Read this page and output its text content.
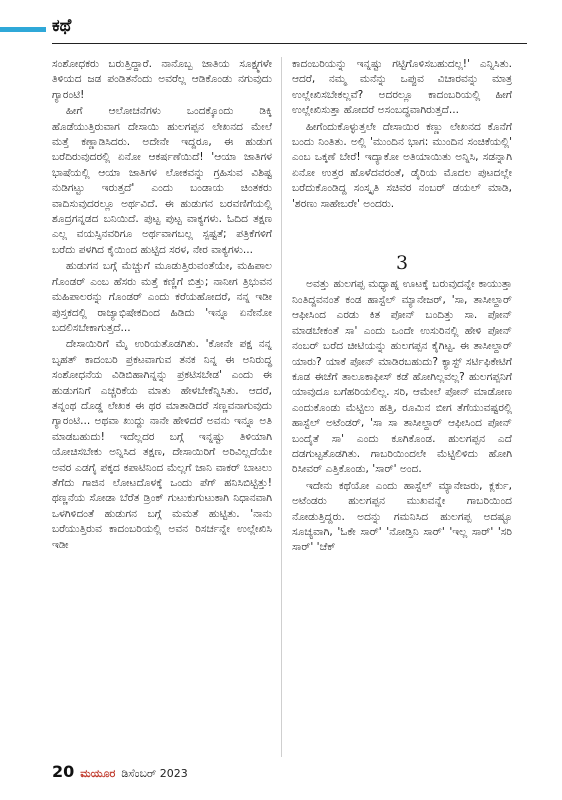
ಕಥೆ

ಸಂಶೋಧಕರು ಬರುತ್ತಿದ್ದಾರೆ. ನಾನೊಬ್ಬ ಜಾತಿಯ ಸೂಕ್ಷ್ಮಗಳೇ ತಿಳಿಯದ ಜಡ ಪಂಡಿತನೆಂದು ಅವರೆಲ್ಲ ಆಡಿಕೊಂಡು ನಗುವುದು ಗ್ಯಾರಂಟಿ!

ಹೀಗೆ ಆಲೋಚನೆಗಳು ಒಂದಕ್ಕೊಂದು ಡಿಕ್ಕಿ ಹೊಡೆಯುತ್ತಿರುವಾಗ ದೇಸಾಯಿ ಹುಲಗಪ್ಪನ ಲೇಖನದ ಮೇಲೆ ಮತ್ತೆ ಕಣ್ಣಾಡಿಸಿದರು. ಅದೇನೇ ಇದ್ದರೂ, ಈ ಹುಡುಗ ಬರೆದಿರುವುದರಲ್ಲಿ ಏನೋ ಆಕರ್ಷಣೆಯಿದೆ! 'ಆಯಾ ಜಾತಿಗಳ ಭಾಷೆಯಲ್ಲಿ ಆಯಾ ಜಾತಿಗಳ ಲೋಕವನ್ನು ಗ್ರಹಿಸುವ ವಿಶಿಷ್ಟ ನುಡಿಗಟ್ಟು ಇರುತ್ತದೆ' ಎಂದು ಬಂಡಾಯ ಚಿಂತಕರು ವಾದಿಸುವುದರಲ್ಲೂ ಅರ್ಥವಿದೆ. ಈ ಹುಡುಗನ ಬರವಣಿಗೆಯಲ್ಲಿ ಶೂದ್ರಗನ್ನಡದ ಬನಿಯಿದೆ. ಪುಟ್ಟ ಪುಟ್ಟ ವಾಕ್ಯಗಳು. ಓದಿದ ತಕ್ಷಣ ಎಲ್ಲ ವಯಸ್ಸಿನವರಿಗೂ ಅರ್ಥವಾಗಬಲ್ಲ ಸ್ಪಷ್ಟತೆ; ಪತ್ರಿಕೆಗಳಿಗೆ ಬರೆದು ಪಳಗಿದ ಕೈಯಿಂದ ಹುಟ್ಟಿದ ಸರಳ, ನೇರ ವಾಕ್ಯಗಳು...

ಹುಡುಗನ ಬಗ್ಗೆ ಮೆಚ್ಚುಗೆ ಮೂಡುತ್ತಿರುವಂತೆಯೇ, ಮಹಿಪಾಲ ಗೊಂಡರ್ ಎಂಬ ಹೆಸರು ಮತ್ತೆ ಕಣ್ಣಿಗೆ ಬಿತ್ತು; ನಾನೀಗ ತ್ರಿಭುವನ ಮಹಿಪಾಲರನ್ನು ಗೊಂಡರ್ ಎಂದು ಕರೆಯಹೋದರೆ, ನನ್ನ ಇಡೀ ಪುಸ್ತಕದಲ್ಲಿ ರಾಜ್ಯಾಭಿಷೇಕದಿಂದ ಹಿಡಿದು 'ಇನ್ನೂ ಏನೇನೋ ಬದಲಿಸಬೇಕಾಗುತ್ತದೆ...

ದೇಸಾಯಿರಿಗೆ ಮೈ ಉರಿಯತೊಡಗಿತು. 'ಕೋನೇ ಪಕ್ಷ ನನ್ನ ಬೃಹತ್ ಕಾದಂಬರಿ ಪ್ರಕಟವಾಗುವ ತನಕ ನಿನ್ನ ಈ ಅನಿರುದ್ಧ ಸಂಶೋಧನೆಯ ವಿಡಿಬಿಹಾಗಿನ್ನನ್ನು ಪ್ರಕಟಿಸಬೇಡ' ಎಂದು ಈ ಹುಡುಗನಿಗೆ ಎಚ್ಚರಿಕೆಯ ಮಾತು ಹೇಳಬೇಕೆನ್ನಿಸಿತು. ಆದರೆ, ತನ್ನಂಥ ದೊಡ್ಡ ಲೇಖಕ ಈ ಥರ ಮಾತಾಡಿದರೆ ಸಣ್ಣವನಾಗುವುದು ಗ್ಯಾರಂಟಿ... ಅಥವಾ ಖುದ್ದು ನಾನೇ ಹೇಳಿದರೆ ಅವನು ಇನ್ನೂ ಅತಿ ಮಾಡಬಹುದು! ಇದೆಲ್ಲದರ ಬಗ್ಗೆ ಇನ್ನಷ್ಟು ತಿಳಿಯಾಗಿ ಯೋಚಿಸಬೇಕು ಅನ್ನಿಸಿದ ತಕ್ಷಣ, ದೇಸಾಯಿರಿಗೆ ಅರಿವಿಲ್ಲದೆಯೇ ಅವರ ಎಡಗೈ ಪಕ್ಕದ ಕಪಾಟಿನಿಂದ ಮೆಲ್ಲಗೆ ಜಾನಿ ವಾಕರ್ ಬಾಟಲು ತೆಗೆದು ಗಾಜಿನ ಲೋಟದೊಳಕ್ಕೆ ಒಂದು ಪೆಗ್ ಹನಿಸಿಬಿಟ್ಟಿತ್ತು! ಥಣ್ಣನೆಯ ಸೋಡಾ ಬೆರೆತ ಡ್ರಿಂಕ್ ಗುಟುಕುಗುಟುಕಾಗಿ ನಿಧಾನವಾಗಿ ಒಳಗಿಳಿದಂತೆ ಹುಡುಗನ ಬಗ್ಗೆ ಮಮತೆ ಹುಟ್ಟಿತು. 'ನಾನು ಬರೆಯುತ್ತಿರುವ ಕಾದಂಬರಿಯಲ್ಲಿ ಅವನ ರಿಸರ್ಚನ್ನೇ ಉಲ್ಲೇಖಿಸಿ ಇಡೀ

ಕಾದಂಬರಿಯನ್ನು ಇನ್ನಷ್ಟು ಗಟ್ಟಿಗೊಳಿಸಬಹುದಲ್ಲ!' ಎನ್ನಿಸಿತು. ಆದರೆ, ನಮ್ಮ ಮನೆನ್ನು ಒಪ್ಪುವ ವಿಚಾರವನ್ನು ಮಾತ್ರ ಉಲ್ಲೇಖಿಸಬೇಕಲ್ಲವೆ? ಅದರಲ್ಲೂ ಕಾದಂಬರಿಯಲ್ಲಿ ಹೀಗೆ ಉಲ್ಲೇಖಿಸುತ್ತಾ ಹೋದರೆ ಅಸಂಬದ್ಧವಾಗಿರುತ್ತದೆ...

ಹೀಗೆಂದುಕೊಳ್ಳುತ್ತಲೇ ದೇಸಾಯಿರ ಕಣ್ಣು ಲೇಖನದ ಕೊನೆಗೆ ಬಂದು ನಿಂತಿತು. ಅಲ್ಲಿ 'ಮುಂದಿನ ಭಾಗ: ಮುಂದಿನ ಸಂಚಿಕೆಯಲ್ಲಿ' ಎಂಬ ಒಕ್ಕಣೆ ಬೇರೆ! ಇದ್ಯಾಕೋ ಅತಿಯಾಯಿತು ಅನ್ನಿಸಿ, ಸಡನ್ನಾಗಿ ಏನೋ ಉತ್ತರ ಹೊಳೆದವರಂತೆ, ಡೈರಿಯ ಮೊದಲ ಪುಟದಲ್ಲೇ ಬರೆದುಕೊಂಡಿದ್ದ ಸಂಸ್ಕೃತಿ ಸಚಿವರ ನಂಬರ್ ಡಯಲ್ ಮಾಡಿ, 'ಶರಣು ಸಾಹೇಬರೇ' ಅಂದರು.

3

ಅವತ್ತು ಹುಲಗಪ್ಪ ಮಧ್ಯಾಹ್ನ ಊಟಕ್ಕೆ ಬರುವುದನ್ನೇ ಕಾಯುತ್ತಾ ನಿಂತಿದ್ದವನಂತೆ ಕಂಡ ಹಾಸ್ಟೆಲ್ ಮ್ಯಾನೇಜರ್, 'ಸಾ, ತಾಸೀಲ್ದಾರ್ ಆಫೀಸಿಂದ ಎರಡು ಕಿತ ಪೋನ್ ಬಂದಿತ್ತು ಸಾ. ಪೋನ್ ಮಾಡಬೇಕಂತೆ ಸಾ' ಎಂದು ಒಂದೇ ಉಸುರಿನಲ್ಲಿ ಹೇಳಿ ಪೋನ್ ನಂಬರ್ ಬರೆದ ಚೀಟಿಯನ್ನು ಹುಲಗಪ್ಪನ ಕೈಗಿಟ್ಟ. ಈ ತಾಸೀಲ್ದಾರ್ ಯಾರು? ಯಾಕೆ ಪೋನ್ ಮಾಡಿರಬಹುದು? ಕ್ಯಾಸ್ಟ್ ಸರ್ಟಿಫಿಕೇಟಿಗೆ ಕೂಡ ಈಚೆಗೆ ತಾಲೂಕಾಫೀಸ್ ಕಡೆ ಹೋಗಿಲ್ಲವಲ್ಲ? ಹುಲಗಪ್ಪನಿಗೆ ಯಾವುದೂ ಬಗೆಹರಿಯಲಿಲ್ಲ. ಸರಿ, ಆಮೇಲೆ ಪೋನ್ ಮಾಡೋಣ ಎಂದುಕೊಂಡು ಮೆಟ್ಟಿಲು ಹತ್ತಿ, ರೂಮಿನ ಬೀಗ ತೆಗೆಯುವಷ್ಟರಲ್ಲಿ ಹಾಸ್ಟೆಲ್ ಅಟೆಂಡರ್, 'ಸಾ ಸಾ ತಾಸೀಲ್ದಾರ್ ಆಫೀಸಿಂದ ಪೋನ್ ಬಂದೈತೆ ಸಾ' ಎಂದು ಕೂಗಿಕೊಂಡ. ಹುಲಗಪ್ಪನ ಎದೆ ದಡಗುಟ್ಟತೊಡಗಿತು. ಗಾಬರಿಯಿಂದಲೇ ಮೆಟ್ಟಿಲಿಳಿದು ಹೋಗಿ ರಿಸೀವರ್ ಎತ್ತಿಕೊಂಡು, 'ಸಾರ್' ಅಂದ.

ಇದೇನು ಕಥೆಯೋ ಎಂದು ಹಾಸ್ಟೆಲ್ ಮ್ಯಾನೇಜರು, ಕ್ಲರ್ಕು, ಅಟೆಂಡರು ಹುಲಗಪ್ಪನ ಮುಖವನ್ನೇ ಗಾಬರಿಯಿಂದ ನೋಡುತ್ತಿದ್ದರು. ಅದನ್ನು ಗಮನಿಸಿದ ಹುಲಗಪ್ಪ ಅದಷ್ಟೂ ಸೂಚ್ಯವಾಗಿ, 'ಓಕೇ ಸಾರ್' 'ನೋಡ್ತಿನಿ ಸಾರ್' 'ಇಲ್ಲ ಸಾರ್' 'ಸರಿ ಸಾರ್' 'ಚೆಕ್

20 ಮಯೂರ ಡಿಸೆಂಬರ್ 2023
